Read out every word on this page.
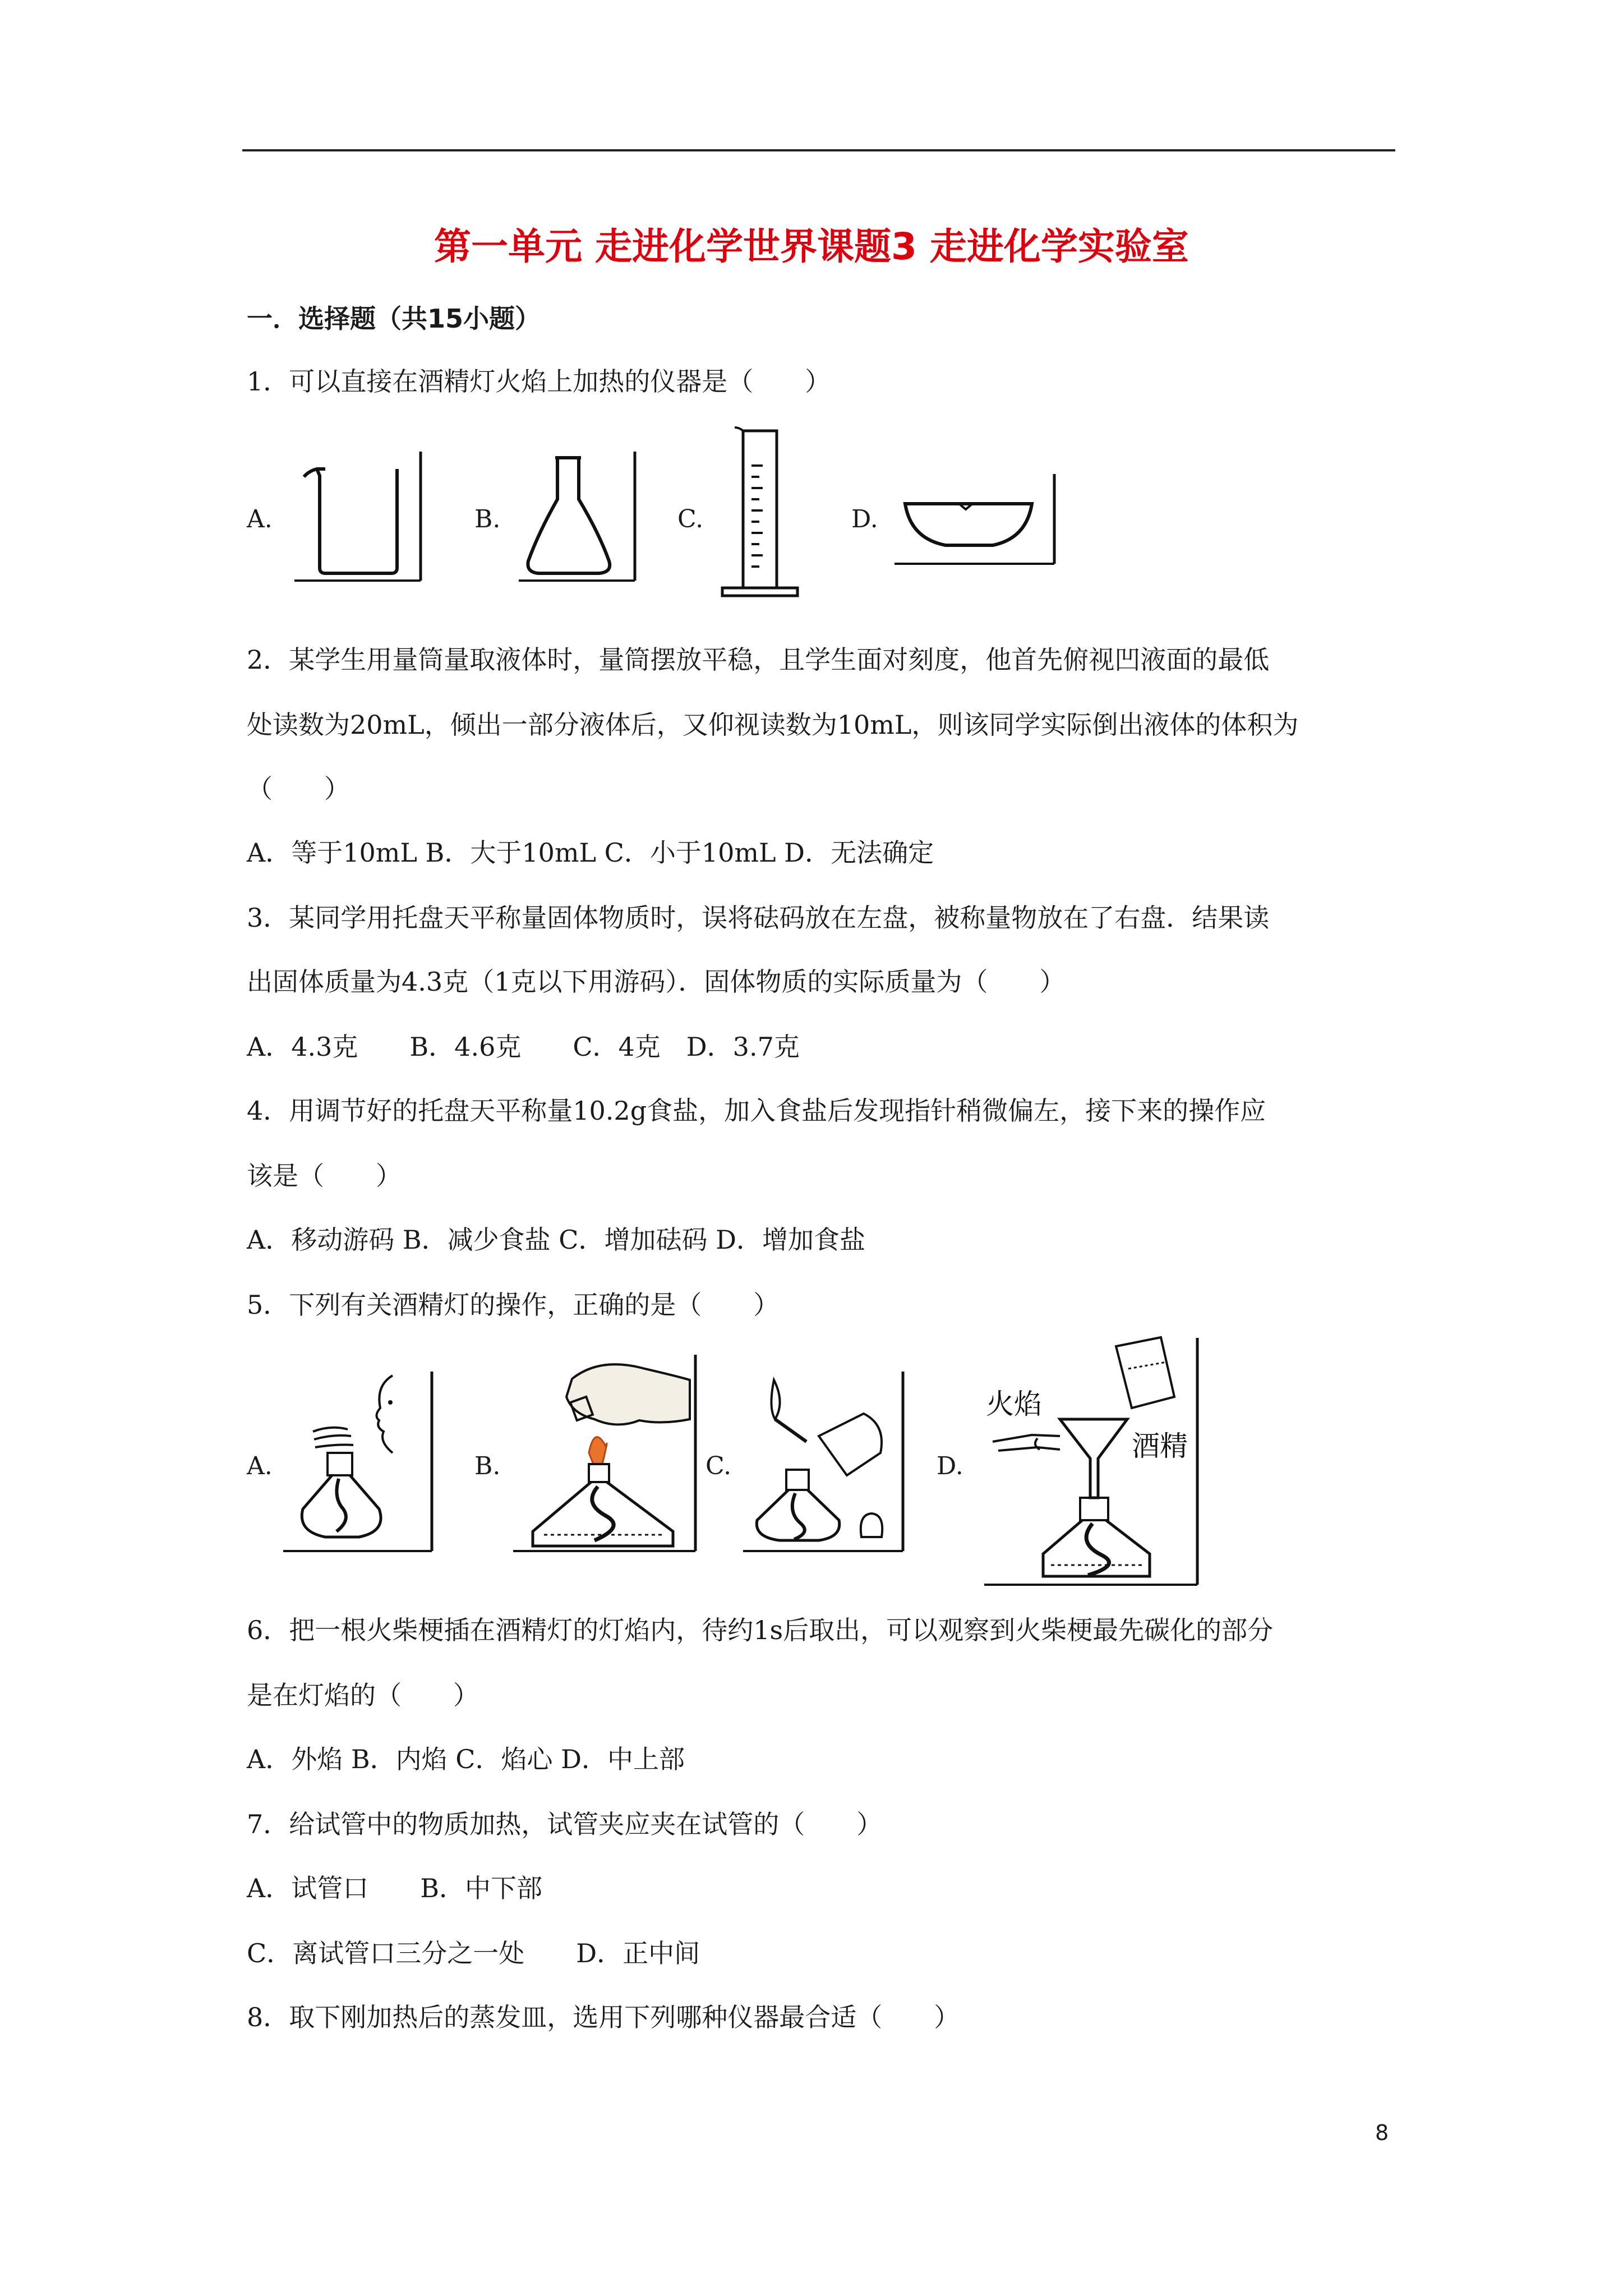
第一单元 走进化学世界课题3 走进化学实验室
一．选择题（共15小题）
1．可以直接在酒精灯火焰上加热的仪器是（　　）
A.	B.	C.	D.
2．某学生用量筒量取液体时，量筒摆放平稳，且学生面对刻度，他首先俯视凹液面的最低
处读数为20mL，倾出一部分液体后，又仰视读数为10mL，则该同学实际倒出液体的体积为
（　　）
A．等于10mL B．大于10mL C．小于10mL D．无法确定
3．某同学用托盘天平称量固体物质时，误将砝码放在左盘，被称量物放在了右盘．结果读
出固体质量为4.3克（1克以下用游码）．固体物质的实际质量为（　　）
A．4.3克　　B．4.6克　　C．4克　D．3.7克
4．用调节好的托盘天平称量10.2g食盐，加入食盐后发现指针稍微偏左，接下来的操作应
该是（　　）
A．移动游码 B．减少食盐 C．增加砝码 D．增加食盐
5．下列有关酒精灯的操作，正确的是（　　）
A.	B.	C.	D.
火焰
酒精
6．把一根火柴梗插在酒精灯的灯焰内，待约1s后取出，可以观察到火柴梗最先碳化的部分
是在灯焰的（　　）
A．外焰 B．内焰 C．焰心 D．中上部
7．给试管中的物质加热，试管夹应夹在试管的（　　）
A．试管口　　B．中下部
C．离试管口三分之一处　　D．正中间
8．取下刚加热后的蒸发皿，选用下列哪种仪器最合适（　　）
8
